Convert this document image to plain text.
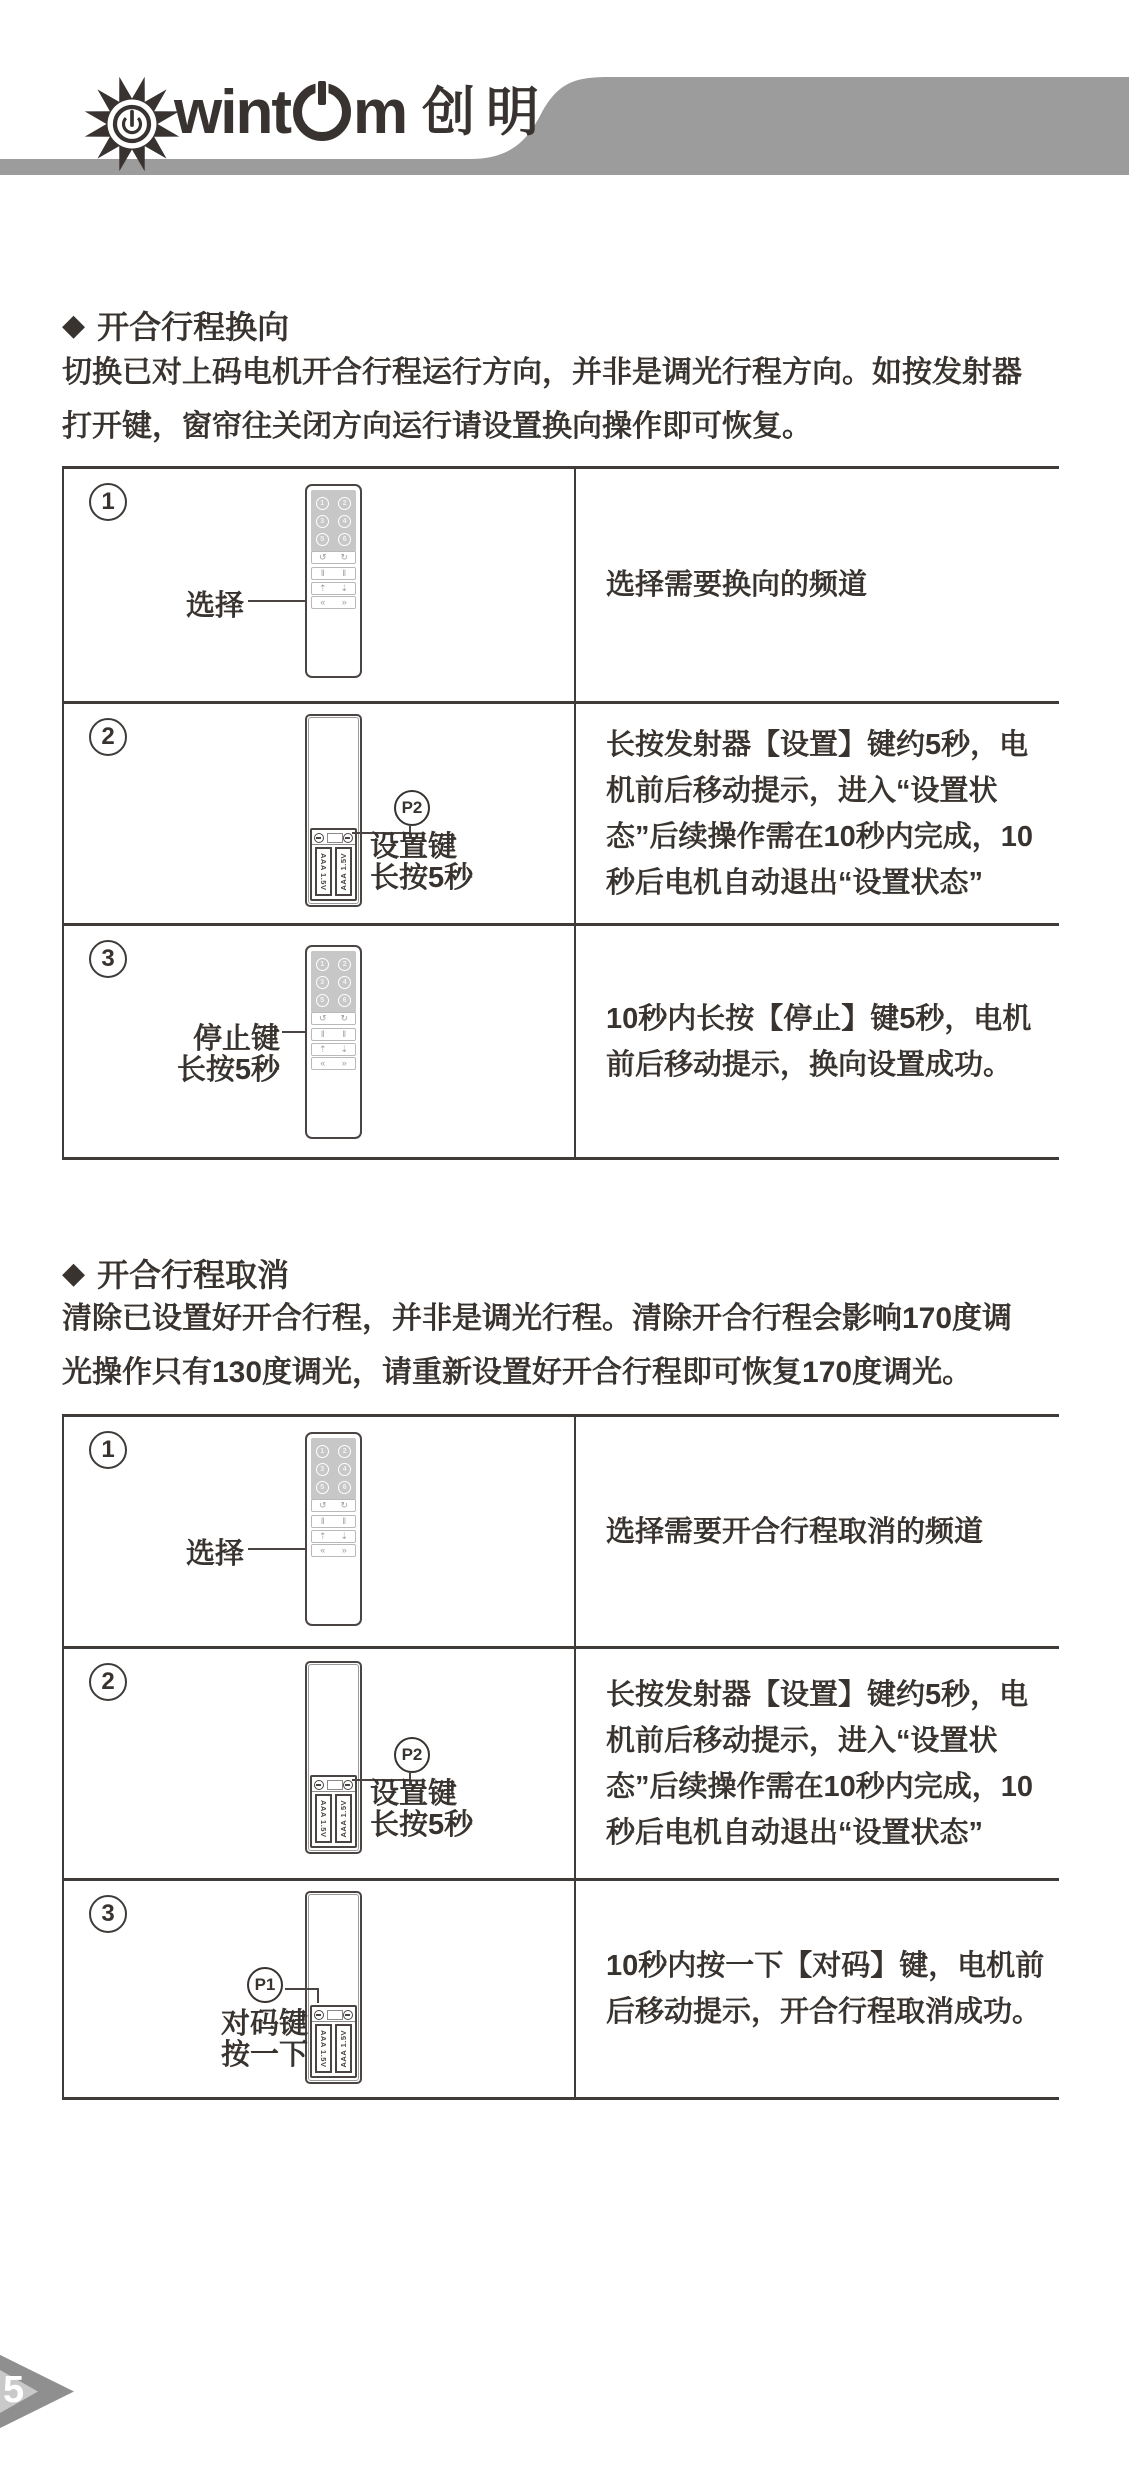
wint m 创明
◆ 开合行程换向
切换已对上码电机开合行程运行方向，并非是调光行程方向。如按发射器
打开键，窗帘往关闭方向运行请设置换向操作即可恢复。
1	1	2
3	4
5	6
↺ ↻
‖ ‖
⇡ ⇣
« »
选择
选择需要换向的频道
2
AAA 1.5V AAA 1.5V
P2
设置键
长按5秒
长按发射器【设置】键约5秒，电机前后移动提示，进入“设置状态”后续操作需在10秒内完成，10秒后电机自动退出“设置状态”
3	1	2
3	4
5	6
↺ ↻
‖ ‖
⇡ ⇣
« »
停止键
长按5秒
10秒内长按【停止】键5秒，电机前后移动提示，换向设置成功。
◆ 开合行程取消
清除已设置好开合行程，并非是调光行程。清除开合行程会影响170度调
光操作只有130度调光，请重新设置好开合行程即可恢复170度调光。
1	1	2
3	4
5	6
↺ ↻
‖ ‖
⇡ ⇣
« »
选择
选择需要开合行程取消的频道
2
AAA 1.5V AAA 1.5V
P2
设置键
长按5秒
长按发射器【设置】键约5秒，电机前后移动提示，进入“设置状态”后续操作需在10秒内完成，10秒后电机自动退出“设置状态”
3
AAA 1.5V AAA 1.5V
P1
对码键
按一下
10秒内按一下【对码】键，电机前后移动提示，开合行程取消成功。
5
